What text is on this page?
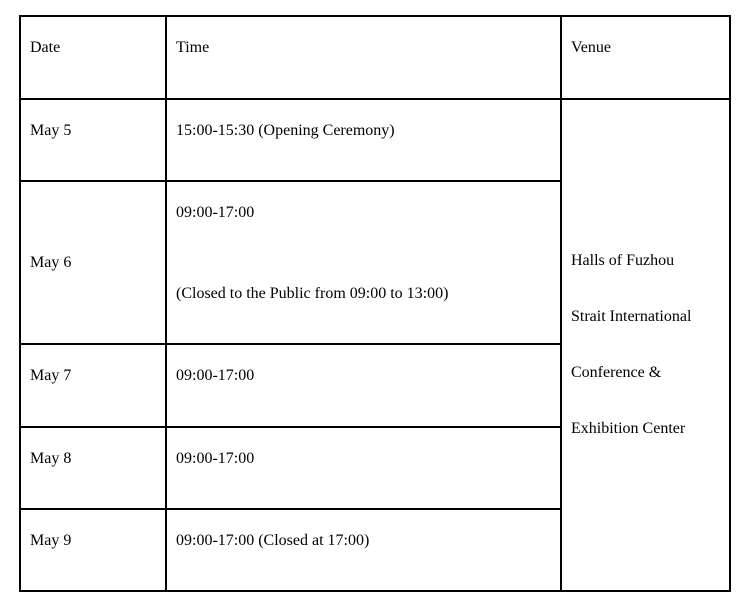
Date	Time	Venue

May 5	15:00-15:30 (Opening Ceremony)	Halls of Fuzhou
Strait International
Conference &
Exhibition Center

May 6	09:00-17:00
(Closed to the Public from 09:00 to 13:00)	

May 7	09:00-17:00	

May 8	09:00-17:00	

May 9	09:00-17:00 (Closed at 17:00)	
